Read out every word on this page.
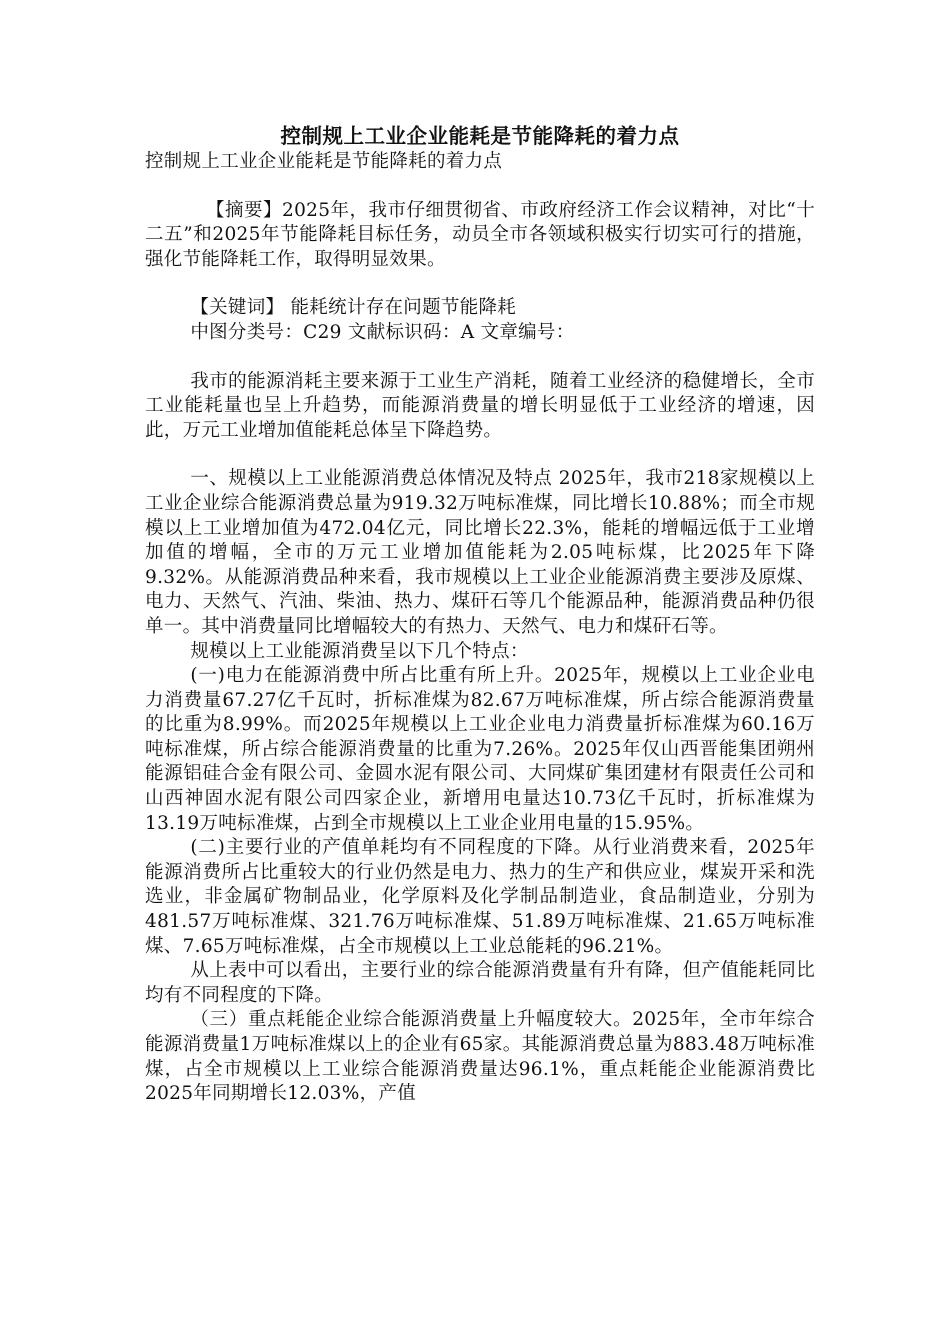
控制规上工业企业能耗是节能降耗的着力点

控制规上工业企业能耗是节能降耗的着力点

【摘要】2025年，我市仔细贯彻省、市政府经济工作会议精神，对比“十二五”和2025年节能降耗目标任务，动员全市各领域积极实行切实可行的措施，强化节能降耗工作，取得明显效果。

【关键词】 能耗统计存在问题节能降耗

中图分类号：C29 文献标识码：A 文章编号：

我市的能源消耗主要来源于工业生产消耗，随着工业经济的稳健增长，全市工业能耗量也呈上升趋势，而能源消费量的增长明显低于工业经济的增速，因此，万元工业增加值能耗总体呈下降趋势。

一、规模以上工业能源消费总体情况及特点 2025年，我市218家规模以上工业企业综合能源消费总量为919.32万吨标准煤，同比增长10.88%；而全市规模以上工业增加值为472.04亿元，同比增长22.3%，能耗的增幅远低于工业增加值的增幅，全市的万元工业增加值能耗为2.05吨标煤，比2025年下降9.32%。从能源消费品种来看，我市规模以上工业企业能源消费主要涉及原煤、电力、天然气、汽油、柴油、热力、煤矸石等几个能源品种，能源消费品种仍很单一。其中消费量同比增幅较大的有热力、天然气、电力和煤矸石等。

规模以上工业能源消费呈以下几个特点：

(一)电力在能源消费中所占比重有所上升。2025年，规模以上工业企业电力消费量67.27亿千瓦时，折标准煤为82.67万吨标准煤，所占综合能源消费量的比重为8.99%。而2025年规模以上工业企业电力消费量折标准煤为60.16万吨标准煤，所占综合能源消费量的比重为7.26%。2025年仅山西晋能集团朔州能源铝硅合金有限公司、金圆水泥有限公司、大同煤矿集团建材有限责任公司和山西神固水泥有限公司四家企业，新增用电量达10.73亿千瓦时，折标准煤为13.19万吨标准煤，占到全市规模以上工业企业用电量的15.95%。

(二)主要行业的产值单耗均有不同程度的下降。从行业消费来看，2025年能源消费所占比重较大的行业仍然是电力、热力的生产和供应业，煤炭开采和洗选业，非金属矿物制品业，化学原料及化学制品制造业，食品制造业，分别为481.57万吨标准煤、321.76万吨标准煤、51.89万吨标准煤、21.65万吨标准煤、7.65万吨标准煤，占全市规模以上工业总能耗的96.21%。

从上表中可以看出，主要行业的综合能源消费量有升有降，但产值能耗同比均有不同程度的下降。

（三）重点耗能企业综合能源消费量上升幅度较大。2025年，全市年综合能源消费量1万吨标准煤以上的企业有65家。其能源消费总量为883.48万吨标准煤，占全市规模以上工业综合能源消费量达96.1%，重点耗能企业能源消费比2025年同期增长12.03%，产值
